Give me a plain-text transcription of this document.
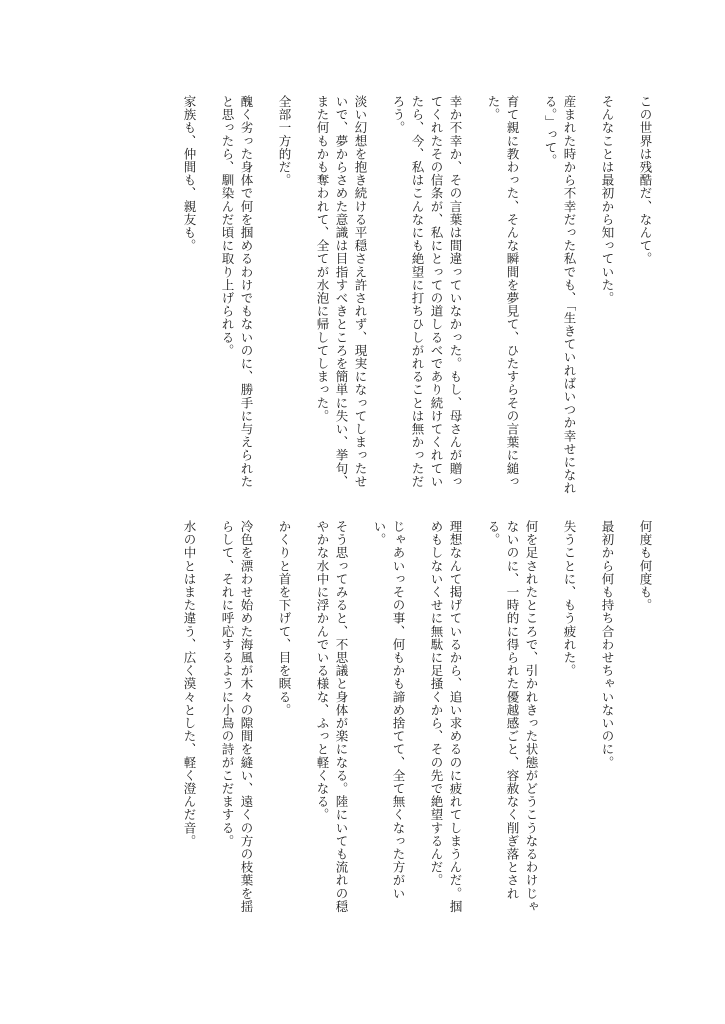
この世界は残酷だ、なんて。

そんなことは最初から知っていた。

産まれた時から不幸だった私でも、「生きていればいつか幸せになれる。」って。

育て親に教わった、そんな瞬間を夢見て、ひたすらその言葉に縋った。

幸か不幸か、その言葉は間違っていなかった。もし、母さんが贈ってくれたその信条が、私にとっての道しるべであり続けてくれていたら、今、私はこんなにも絶望に打ちひしがれることは無かっただろう。

淡い幻想を抱き続ける平穏さえ許されず、現実になってしまったせいで、夢からさめた意識は目指すべきところを簡単に失い、挙句、また何もかも奪われて、全てが水泡に帰してしまった。

全部一方的だ。

醜く劣った身体で何を掴めるわけでもないのに、勝手に与えられたと思ったら、馴染んだ頃に取り上げられる。

家族も、仲間も、親友も。

何度も何度も。

最初から何も持ち合わせちゃいないのに。

失うことに、もう疲れた。

何を足されたところで、引かれきった状態がどうこうなるわけじゃないのに、一時的に得られた優越感ごと、容赦なく削ぎ落とされる。

理想なんて掲げているから、追い求めるのに疲れてしまうんだ。掴めもしないくせに無駄に足掻くから、その先で絶望するんだ。

じゃあいっその事、何もかも諦め捨てて、全て無くなった方がいい。

そう思ってみると、不思議と身体が楽になる。陸にいても流れの穏やかな水中に浮かんでいる様な、ふっと軽くなる。

かくりと首を下げて、目を瞑る。

冷色を漂わせ始めた海風が木々の隙間を縫い、遠くの方の枝葉を揺らして、それに呼応するように小鳥の詩がこだまする。

水の中とはまた違う、広く漠々とした、軽く澄んだ音。
